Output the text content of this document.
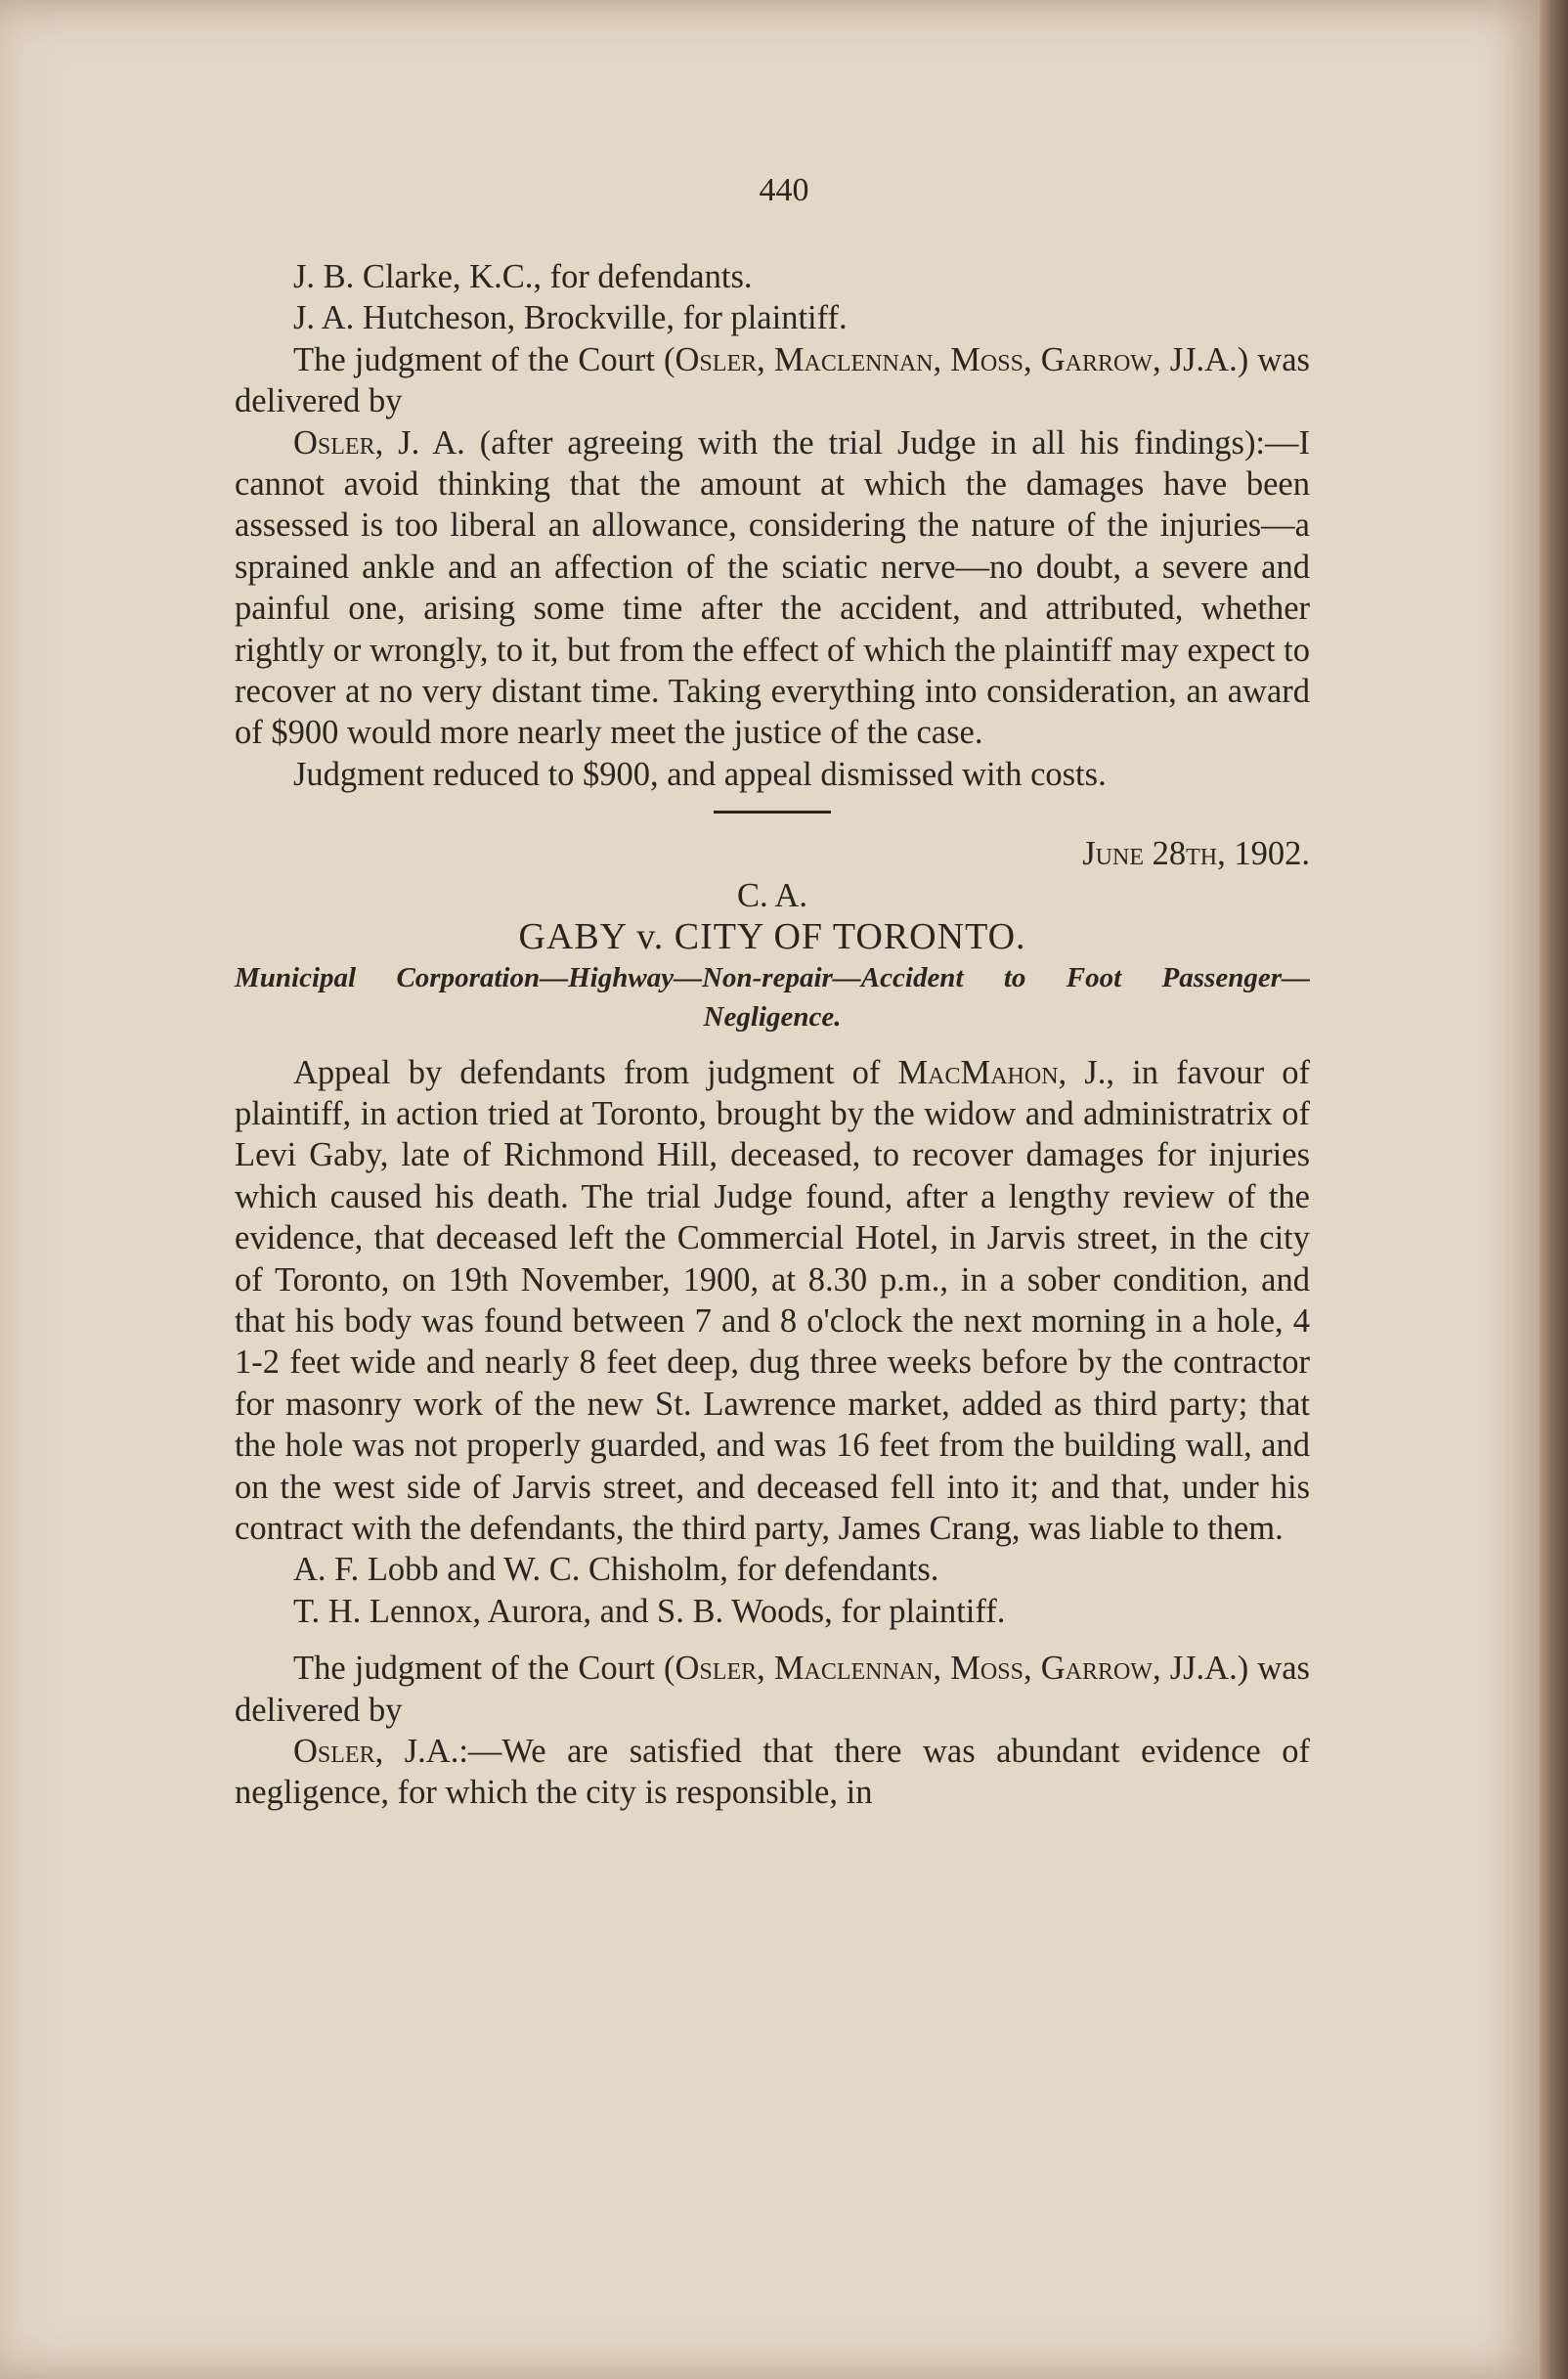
440

J. B. Clarke, K.C., for defendants.

J. A. Hutcheson, Brockville, for plaintiff.

The judgment of the Court (Osler, Maclennan, Moss, Garrow, JJ.A.) was delivered by

Osler, J. A. (after agreeing with the trial Judge in all his findings):—I cannot avoid thinking that the amount at which the damages have been assessed is too liberal an allowance, considering the nature of the injuries—a sprained ankle and an affection of the sciatic nerve—no doubt, a severe and painful one, arising some time after the accident, and attributed, whether rightly or wrongly, to it, but from the effect of which the plaintiff may expect to recover at no very distant time. Taking everything into consideration, an award of $900 would more nearly meet the justice of the case.

Judgment reduced to $900, and appeal dismissed with costs.

June 28th, 1902.

C. A.

GABY v. CITY OF TORONTO.

Municipal Corporation—Highway—Non-repair—Accident to Foot Passenger—Negligence.

Appeal by defendants from judgment of MacMahon, J., in favour of plaintiff, in action tried at Toronto, brought by the widow and administratrix of Levi Gaby, late of Richmond Hill, deceased, to recover damages for injuries which caused his death. The trial Judge found, after a lengthy review of the evidence, that deceased left the Commercial Hotel, in Jarvis street, in the city of Toronto, on 19th November, 1900, at 8.30 p.m., in a sober condition, and that his body was found between 7 and 8 o'clock the next morning in a hole, 4 1-2 feet wide and nearly 8 feet deep, dug three weeks before by the contractor for masonry work of the new St. Lawrence market, added as third party; that the hole was not properly guarded, and was 16 feet from the building wall, and on the west side of Jarvis street, and deceased fell into it; and that, under his contract with the defendants, the third party, James Crang, was liable to them.

A. F. Lobb and W. C. Chisholm, for defendants.

T. H. Lennox, Aurora, and S. B. Woods, for plaintiff.

The judgment of the Court (Osler, Maclennan, Moss, Garrow, JJ.A.) was delivered by

Osler, J.A.:—We are satisfied that there was abundant evidence of negligence, for which the city is responsible, in
